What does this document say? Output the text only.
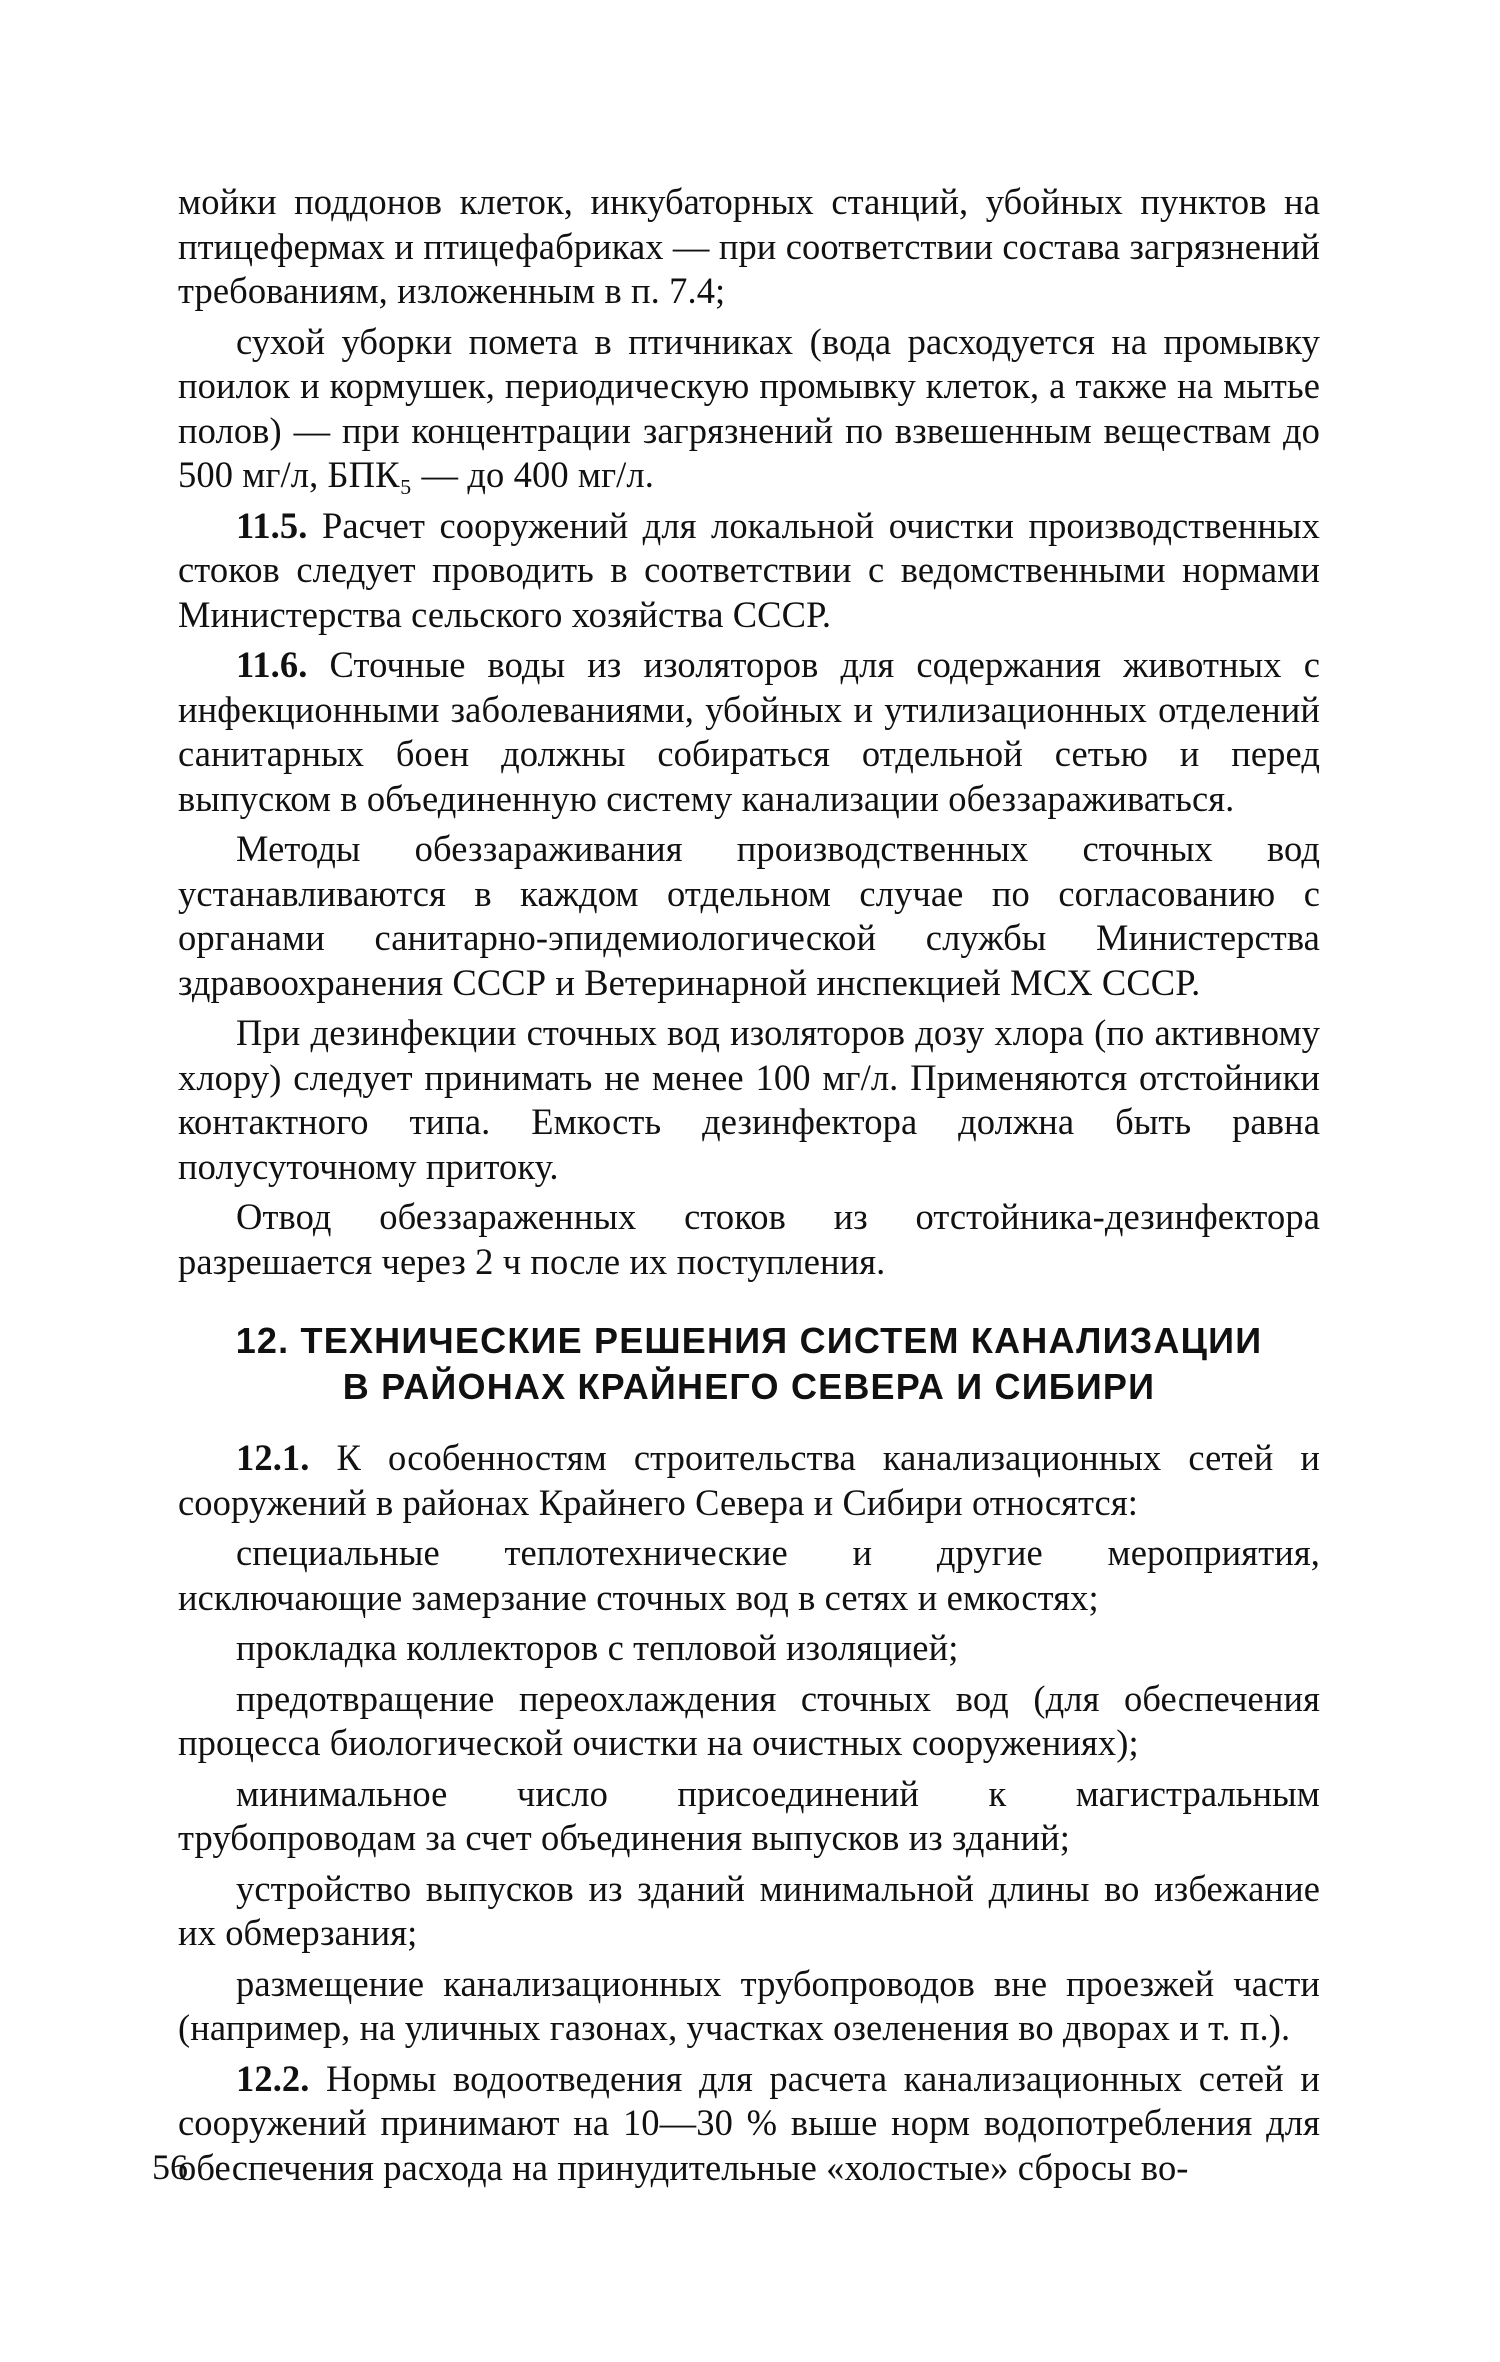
мойки поддонов клеток, инкубаторных станций, убойных пунктов на птицефермах и птицефабриках — при соответствии состава загрязнений требованиям, изложенным в п. 7.4;

сухой уборки помета в птичниках (вода расходуется на промывку поилок и кормушек, периодическую промывку клеток, а также на мытье полов) — при концентрации загрязнений по взвешенным веществам до 500 мг/л, БПК₅ — до 400 мг/л.

11.5. Расчет сооружений для локальной очистки производственных стоков следует проводить в соответствии с ведомственными нормами Министерства сельского хозяйства СССР.

11.6. Сточные воды из изоляторов для содержания животных с инфекционными заболеваниями, убойных и утилизационных отделений санитарных боен должны собираться отдельной сетью и перед выпуском в объединенную систему канализации обеззараживаться.

Методы обеззараживания производственных сточных вод устанавливаются в каждом отдельном случае по согласованию с органами санитарно-эпидемиологической службы Министерства здравоохранения СССР и Ветеринарной инспекцией МСХ СССР.

При дезинфекции сточных вод изоляторов дозу хлора (по активному хлору) следует принимать не менее 100 мг/л. Применяются отстойники контактного типа. Емкость дезинфектора должна быть равна полусуточному притоку.

Отвод обеззараженных стоков из отстойника-дезинфектора разрешается через 2 ч после их поступления.

12. ТЕХНИЧЕСКИЕ РЕШЕНИЯ СИСТЕМ КАНАЛИЗАЦИИ
В РАЙОНАХ КРАЙНЕГО СЕВЕРА И СИБИРИ

12.1. К особенностям строительства канализационных сетей и сооружений в районах Крайнего Севера и Сибири относятся:

специальные теплотехнические и другие мероприятия, исключающие замерзание сточных вод в сетях и емкостях;

прокладка коллекторов с тепловой изоляцией;

предотвращение переохлаждения сточных вод (для обеспечения процесса биологической очистки на очистных сооружениях);

минимальное число присоединений к магистральным трубопроводам за счет объединения выпусков из зданий;

устройство выпусков из зданий минимальной длины во избежание их обмерзания;

размещение канализационных трубопроводов вне проезжей части (например, на уличных газонах, участках озеленения во дворах и т. п.).

12.2. Нормы водоотведения для расчета канализационных сетей и сооружений принимают на 10—30 % выше норм водопотребления для обеспечения расхода на принудительные «холостые» сбросы во-

56
